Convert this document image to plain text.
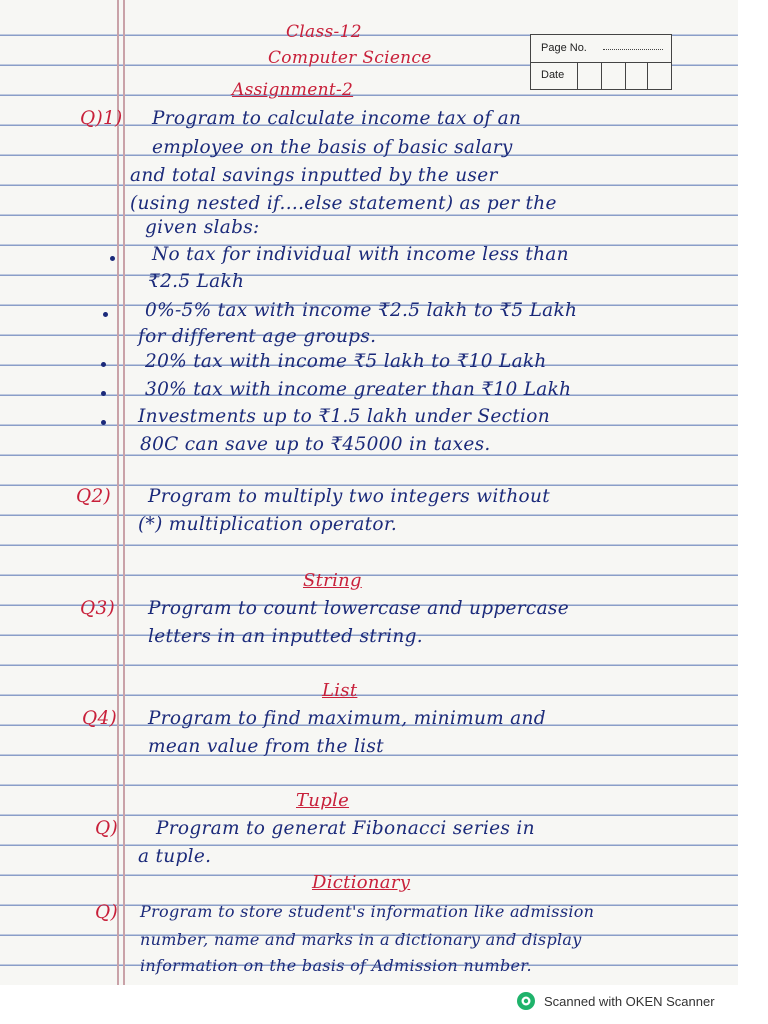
Page No.
Date
Class-12
Computer Science
Assignment-2
Q)1) Program to calculate income tax of an
employee on the basis of basic salary
and total savings inputted by the user
(using nested if....else statement) as per the
given slabs:
No tax for individual with income less than
₹2.5 Lakh
0%-5% tax with income ₹2.5 lakh to ₹5 Lakh
for different age groups.
20% tax with income ₹5 lakh to ₹10 Lakh
30% tax with income greater than ₹10 Lakh
Investments up to ₹1.5 lakh under Section
80C can save up to ₹45000 in taxes.
Q2) Program to multiply two integers without
(*) multiplication operator.
String
Q3) Program to count lowercase and uppercase
letters in an inputted string.
List
Q4) Program to find maximum, minimum and
mean value from the list
Tuple
Q) Program to generat Fibonacci series in
a tuple.
Dictionary
Q) Program to store student's information like admission
number, name and marks in a dictionary and display
information on the basis of Admission number.
Scanned with OKEN Scanner
